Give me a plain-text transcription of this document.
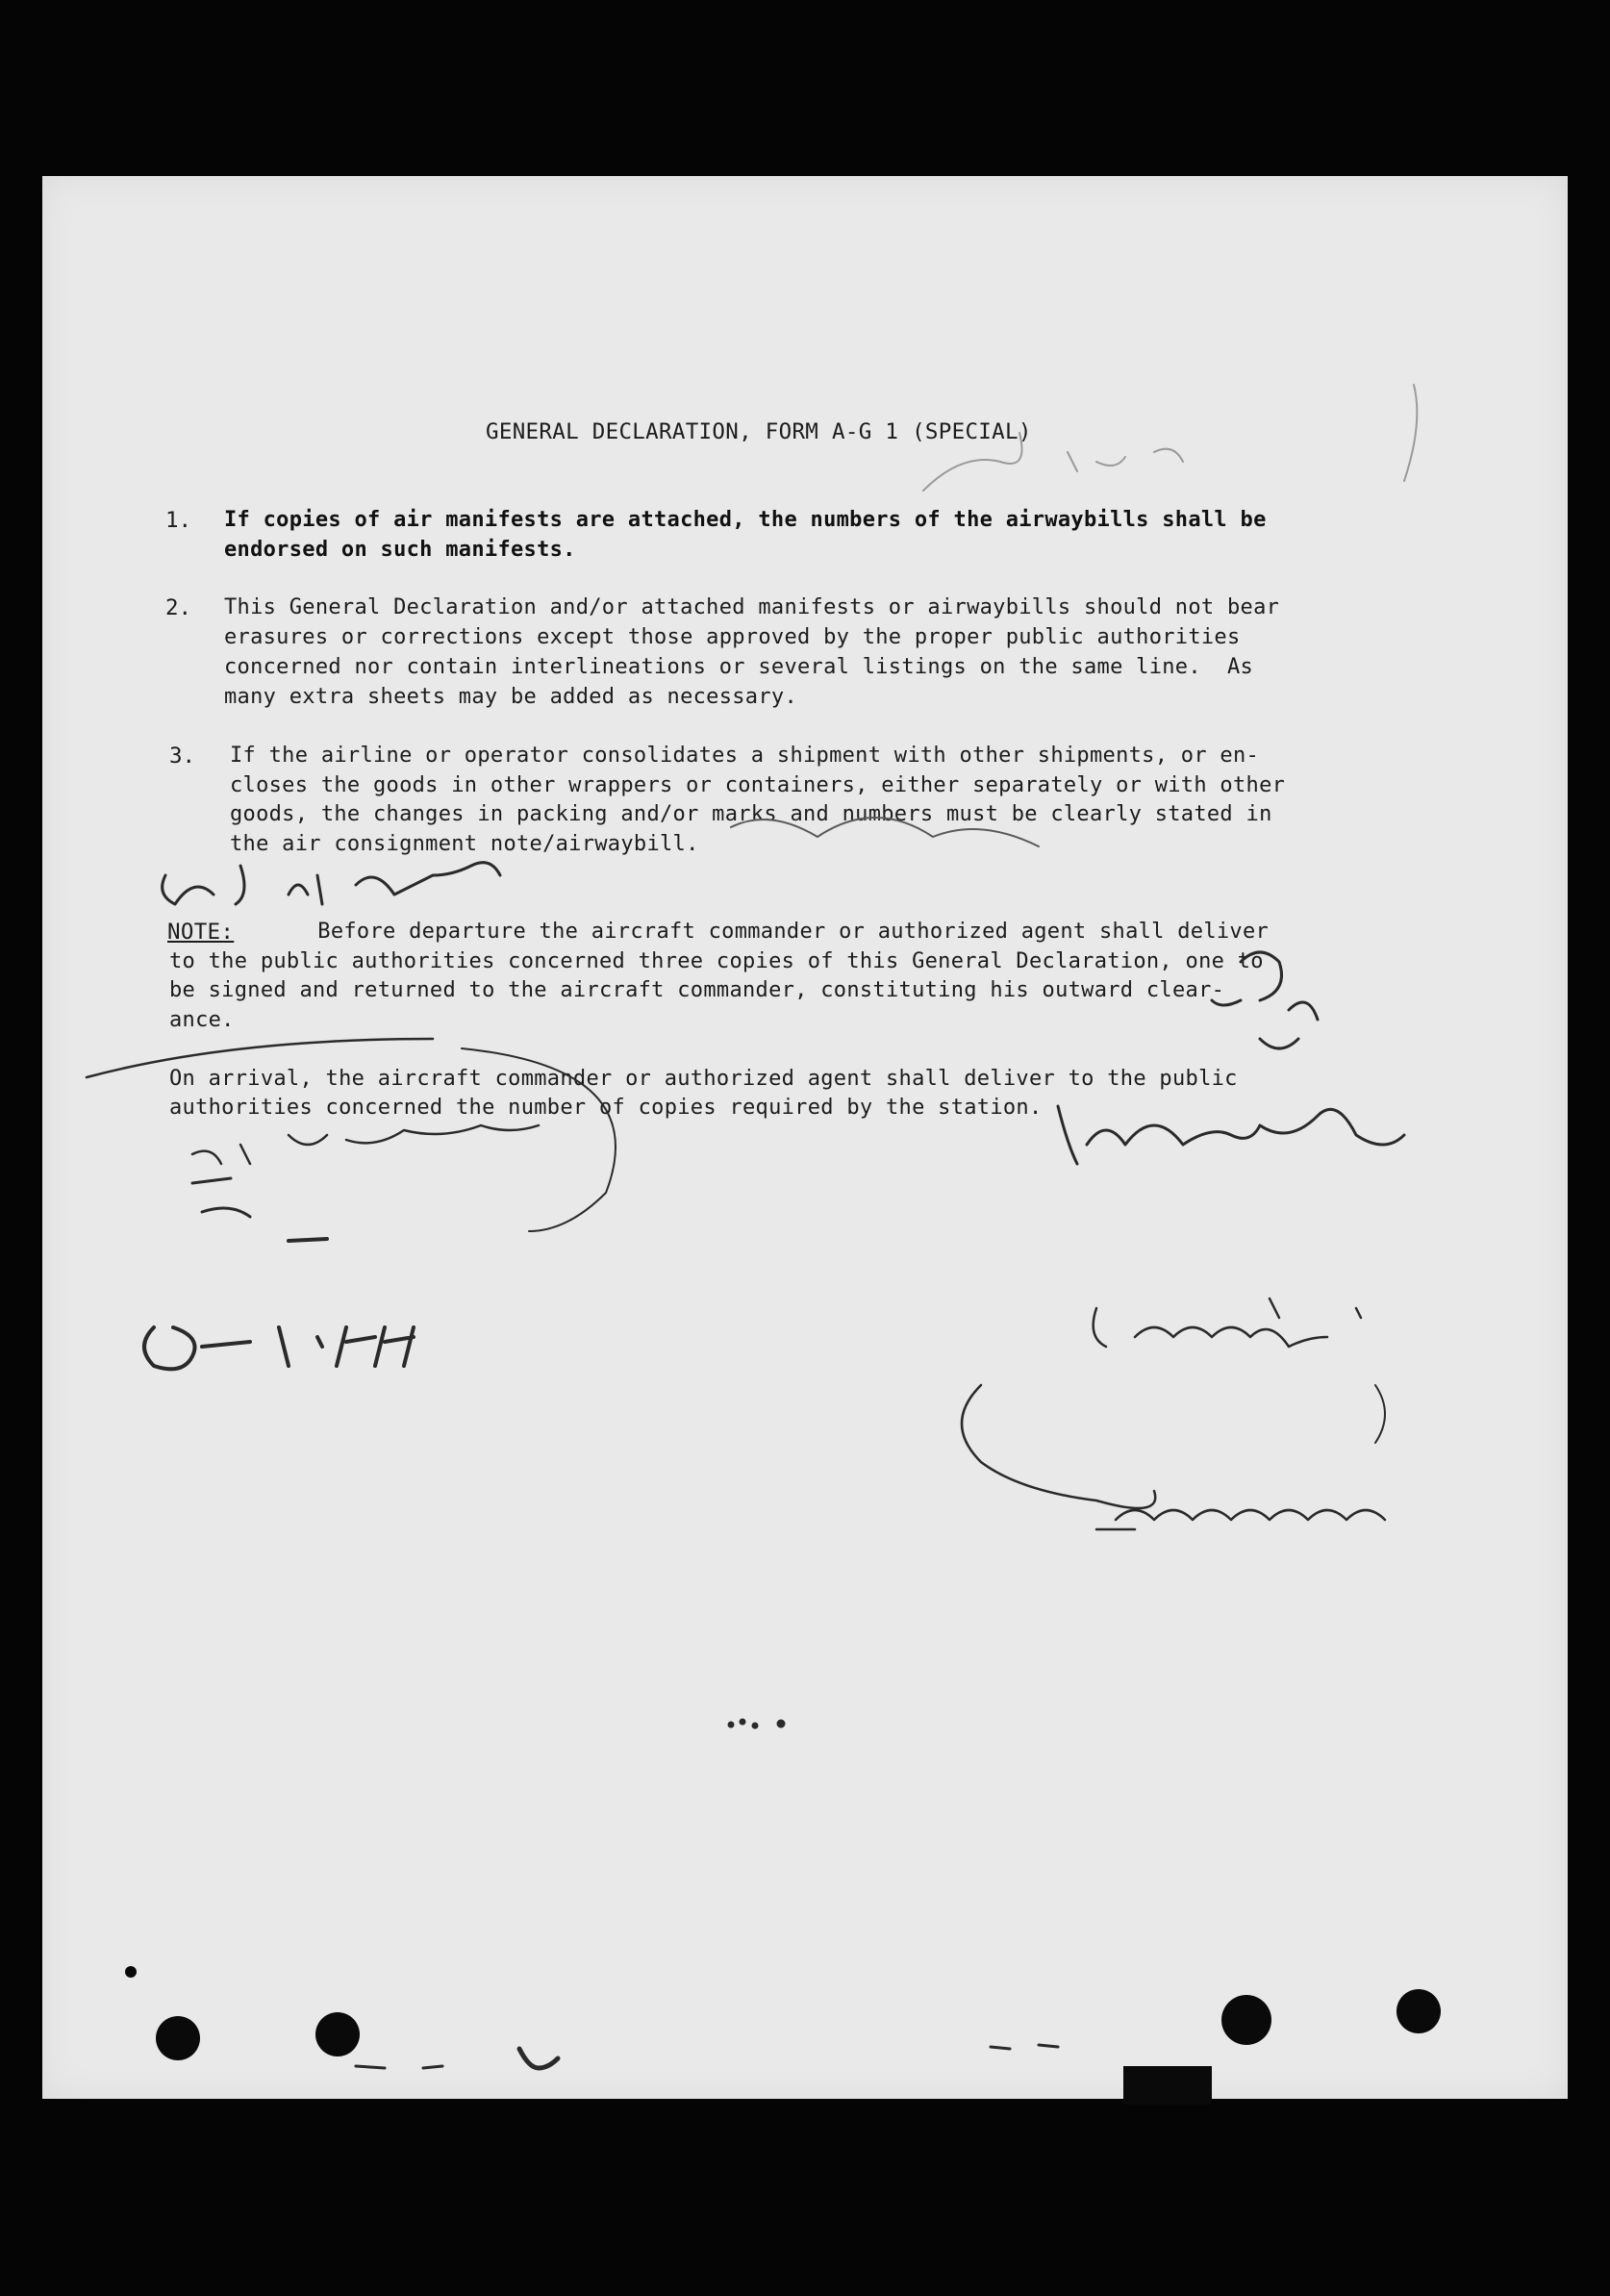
GENERAL DECLARATION, FORM A-G 1 (SPECIAL)

1. If copies of air manifests are attached, the numbers of the airwaybills shall be

endorsed on such manifests.

2. This General Declaration and/or attached manifests or airwaybills should not bear

erasures or corrections except those approved by the proper public authorities

concerned nor contain interlineations or several listings on the same line.  As

many extra sheets may be added as necessary.

3. If the airline or operator consolidates a shipment with other shipments, or en-

closes the goods in other wrappers or containers, either separately or with other

goods, the changes in packing and/or marks and numbers must be clearly stated in

the air consignment note/airwaybill.

NOTE: Before departure the aircraft commander or authorized agent shall deliver

to the public authorities concerned three copies of this General Declaration, one to

be signed and returned to the aircraft commander, constituting his outward clear-

ance.

On arrival, the aircraft commander or authorized agent shall deliver to the public

authorities concerned the number of copies required by the station.
